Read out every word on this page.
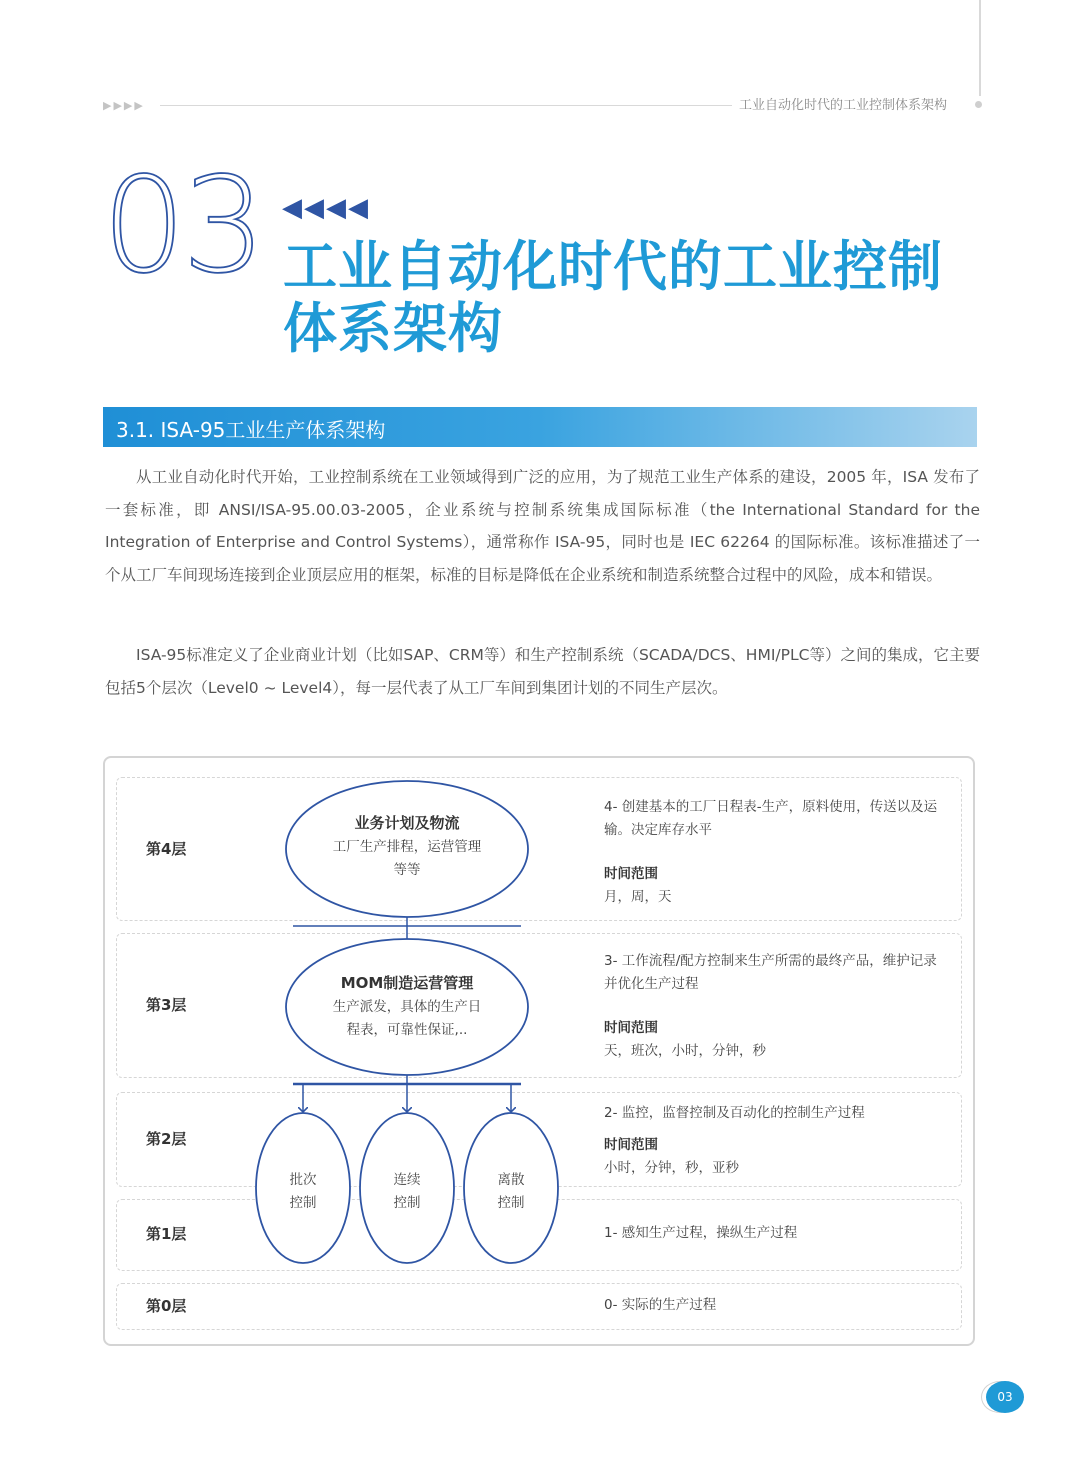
▶▶▶▶	工业自动化时代的工业控制体系架构
03 ◀◀◀◀
工业自动化时代的工业控制
体系架构
3.1. ISA-95工业生产体系架构

从工业自动化时代开始，工业控制系统在工业领域得到广泛的应用，为了规范工业生产体系的建设，2005 年，ISA 发布了一套标准，即 ANSI/ISA-95.00.03-2005，企业系统与控制系统集成国际标准（the International Standard for the Integration of Enterprise and Control Systems），通常称作 ISA-95，同时也是 IEC 62264 的国际标准。该标准描述了一个从工厂车间现场连接到企业顶层应用的框架，标准的目标是降低在企业系统和制造系统整合过程中的风险，成本和错误。

ISA-95标准定义了企业商业计划（比如SAP、CRM等）和生产控制系统（SCADA/DCS、HMI/PLC等）之间的集成，它主要包括5个层次（Level0 ~ Level4），每一层代表了从工厂车间到集团计划的不同生产层次。

业务计划及物流
工厂生产排程，运营管理
等等
MOM制造运营管理
生产派发，具体的生产日
程表，可靠性保证,..
批次
控制
连续
控制
离散
控制
第4层
第3层
第2层
第1层
第0层
4- 创建基本的工厂日程表-生产，原料使用，传送以及运输。决定库存水平
时间范围
月，周，天
3- 工作流程/配方控制来生产所需的最终产品，维护记录并优化生产过程
时间范围
天，班次，小时，分钟，秒
2- 监控，监督控制及百动化的控制生产过程
时间范围
小时，分钟，秒，亚秒
1- 感知生产过程，操纵生产过程
0- 实际的生产过程
03
